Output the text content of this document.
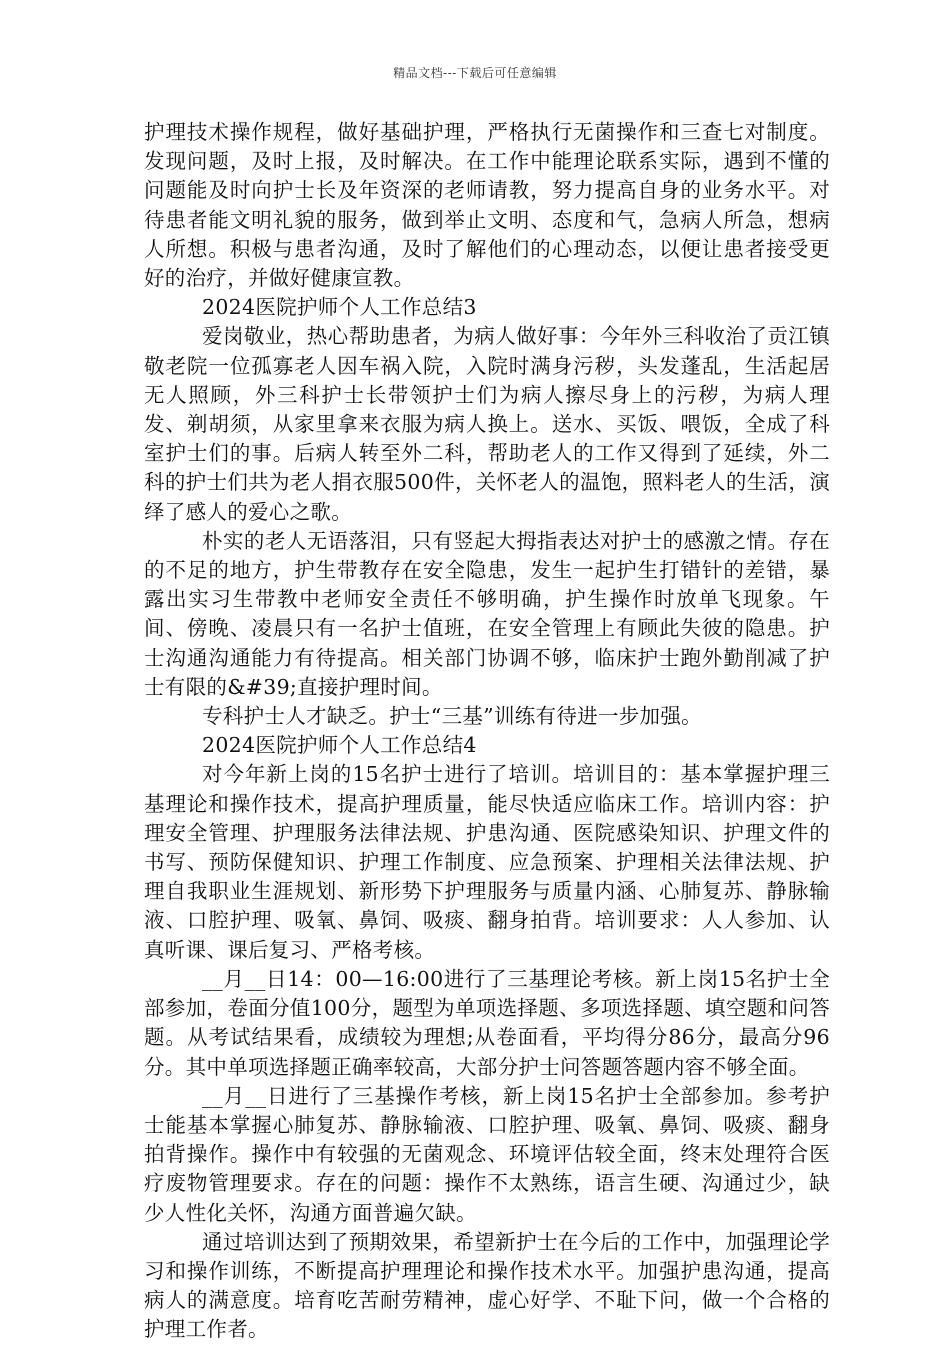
精品文档---下载后可任意编辑

护理技术操作规程，做好基础护理，严格执行无菌操作和三查七对制度。发现问题，及时上报，及时解决。在工作中能理论联系实际，遇到不懂的问题能及时向护士长及年资深的老师请教，努力提高自身的业务水平。对待患者能文明礼貌的服务，做到举止文明、态度和气，急病人所急，想病人所想。积极与患者沟通，及时了解他们的心理动态，以便让患者接受更好的治疗，并做好健康宣教。

2024医院护师个人工作总结3

爱岗敬业，热心帮助患者，为病人做好事：今年外三科收治了贡江镇敬老院一位孤寡老人因车祸入院，入院时满身污秽，头发蓬乱，生活起居无人照顾，外三科护士长带领护士们为病人擦尽身上的污秽，为病人理发、剃胡须，从家里拿来衣服为病人换上。送水、买饭、喂饭，全成了科室护士们的事。后病人转至外二科，帮助老人的工作又得到了延续，外二科的护士们共为老人捐衣服500件，关怀老人的温饱，照料老人的生活，演绎了感人的爱心之歌。

朴实的老人无语落泪，只有竖起大拇指表达对护士的感激之情。存在的不足的地方，护生带教存在安全隐患，发生一起护生打错针的差错，暴露出实习生带教中老师安全责任不够明确，护生操作时放单飞现象。午间、傍晚、凌晨只有一名护士值班，在安全管理上有顾此失彼的隐患。护士沟通沟通能力有待提高。相关部门协调不够，临床护士跑外勤削减了护士有限的&#39;直接护理时间。

专科护士人才缺乏。护士“三基”训练有待进一步加强。

2024医院护师个人工作总结4

对今年新上岗的15名护士进行了培训。培训目的：基本掌握护理三基理论和操作技术，提高护理质量，能尽快适应临床工作。培训内容：护理安全管理、护理服务法律法规、护患沟通、医院感染知识、护理文件的书写、预防保健知识、护理工作制度、应急预案、护理相关法律法规、护理自我职业生涯规划、新形势下护理服务与质量内涵、心肺复苏、静脉输液、口腔护理、吸氧、鼻饲、吸痰、翻身拍背。培训要求：人人参加、认真听课、课后复习、严格考核。

__月__日14：00—16:00进行了三基理论考核。新上岗15名护士全部参加，卷面分值100分，题型为单项选择题、多项选择题、填空题和问答题。从考试结果看，成绩较为理想;从卷面看，平均得分86分，最高分96分。其中单项选择题正确率较高，大部分护士问答题答题内容不够全面。

__月__日进行了三基操作考核，新上岗15名护士全部参加。参考护士能基本掌握心肺复苏、静脉输液、口腔护理、吸氧、鼻饲、吸痰、翻身拍背操作。操作中有较强的无菌观念、环境评估较全面，终末处理符合医疗废物管理要求。存在的问题：操作不太熟练，语言生硬、沟通过少，缺少人性化关怀，沟通方面普遍欠缺。

通过培训达到了预期效果，希望新护士在今后的工作中，加强理论学习和操作训练，不断提高护理理论和操作技术水平。加强护患沟通，提高病人的满意度。培育吃苦耐劳精神，虚心好学、不耻下问，做一个合格的护理工作者。
